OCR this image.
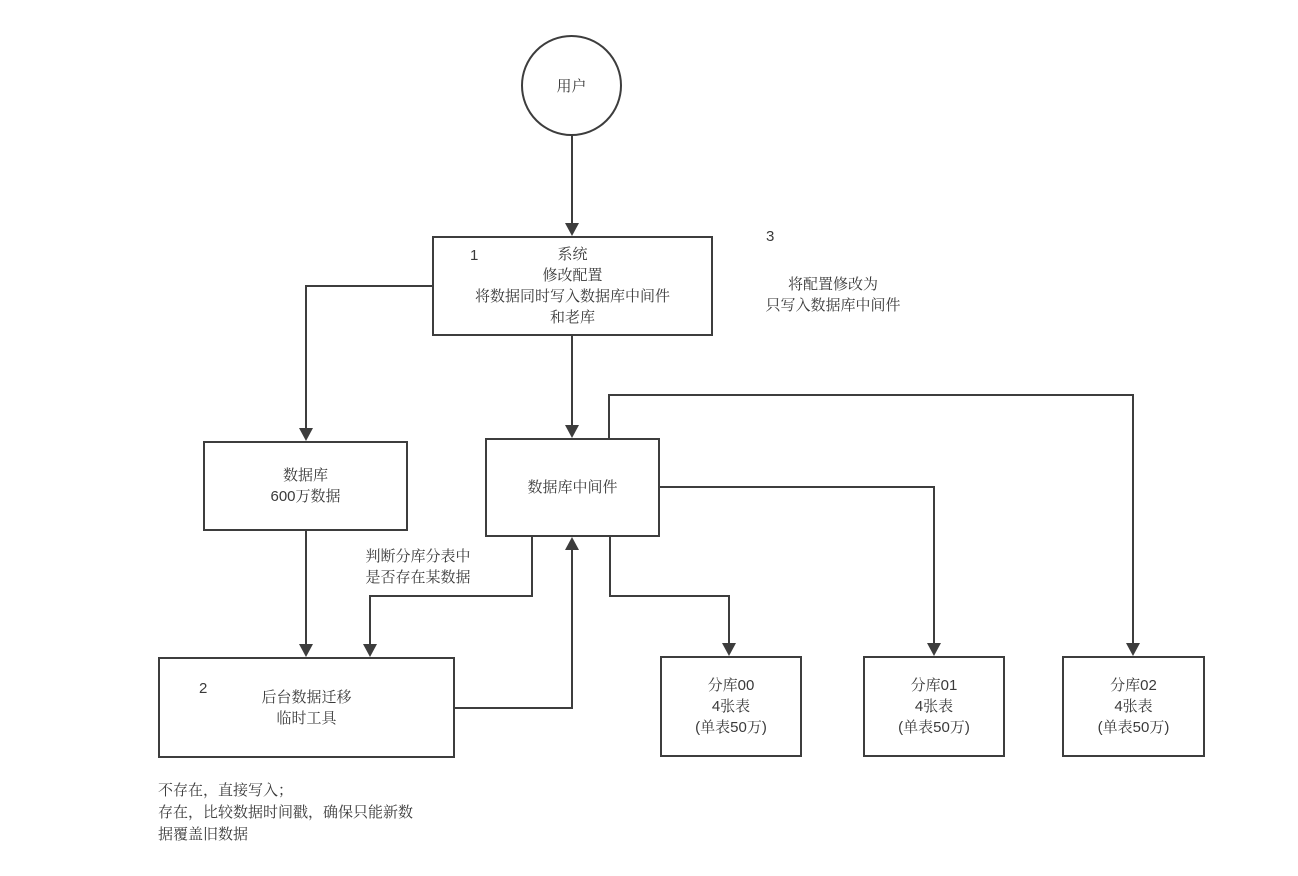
用户
系统
修改配置
将数据同时写入数据库中间件
和老库
1
3
将配置修改为
只写入数据库中间件
数据库
600万数据
数据库中间件
判断分库分表中
是否存在某数据
后台数据迁移
临时工具
2	分库00
4张表
(单表50万)
分库01
4张表
(单表50万)
分库02
4张表
(单表50万)
不存在，直接写入；
存在，比较数据时间戳，确保只能新数
据覆盖旧数据
